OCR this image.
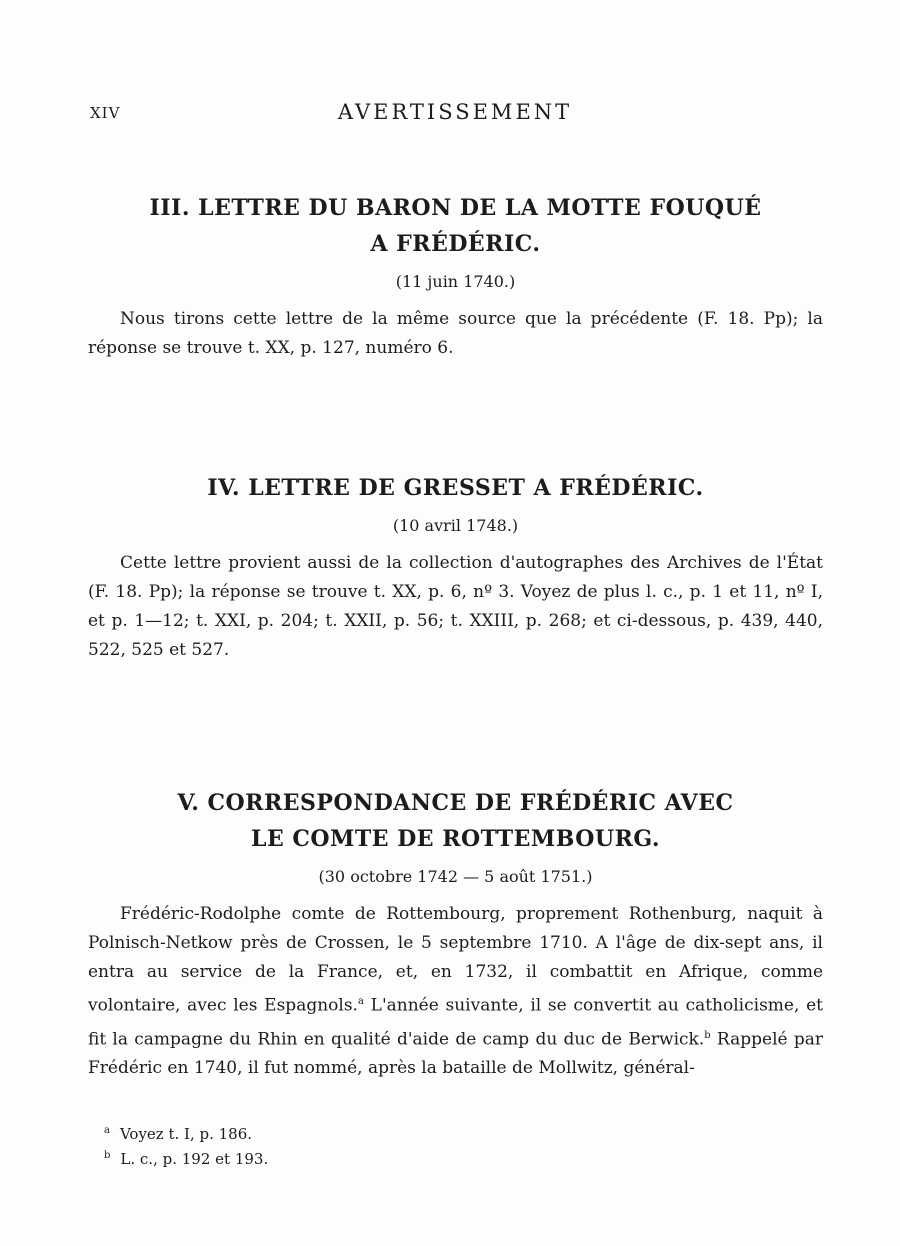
XIV	AVERTISSEMENT
III. LETTRE DU BARON DE LA MOTTE FOUQUÉ
A FRÉDÉRIC.
(11 juin 1740.)

Nous tirons cette lettre de la même source que la précédente (F. 18. Pp); la réponse se trouve t. XX, p. 127, numéro 6.

IV. LETTRE DE GRESSET A FRÉDÉRIC.
(10 avril 1748.)

Cette lettre provient aussi de la collection d'autographes des Archives de l'État (F. 18. Pp); la réponse se trouve t. XX, p. 6, nº 3. Voyez de plus l. c., p. 1 et 11, nº I, et p. 1—12; t. XXI, p. 204; t. XXII, p. 56; t. XXIII, p. 268; et ci-dessous, p. 439, 440, 522, 525 et 527.

V. CORRESPONDANCE DE FRÉDÉRIC AVEC
LE COMTE DE ROTTEMBOURG.
(30 octobre 1742 — 5 août 1751.)

Frédéric-Rodolphe comte de Rottembourg, proprement Rothenburg, naquit à Polnisch-Netkow près de Crossen, le 5 septembre 1710. A l'âge de dix-sept ans, il entra au service de la France, et, en 1732, il combattit en Afrique, comme volontaire, avec les Espagnols.$^a$ L'année suivante, il se convertit au catholicisme, et fit la campagne du Rhin en qualité d'aide de camp du duc de Berwick.$^b$ Rappelé par Frédéric en 1740, il fut nommé, après la bataille de Mollwitz, général-

$^a$ Voyez t. I, p. 186.
$^b$ L. c., p. 192 et 193.
